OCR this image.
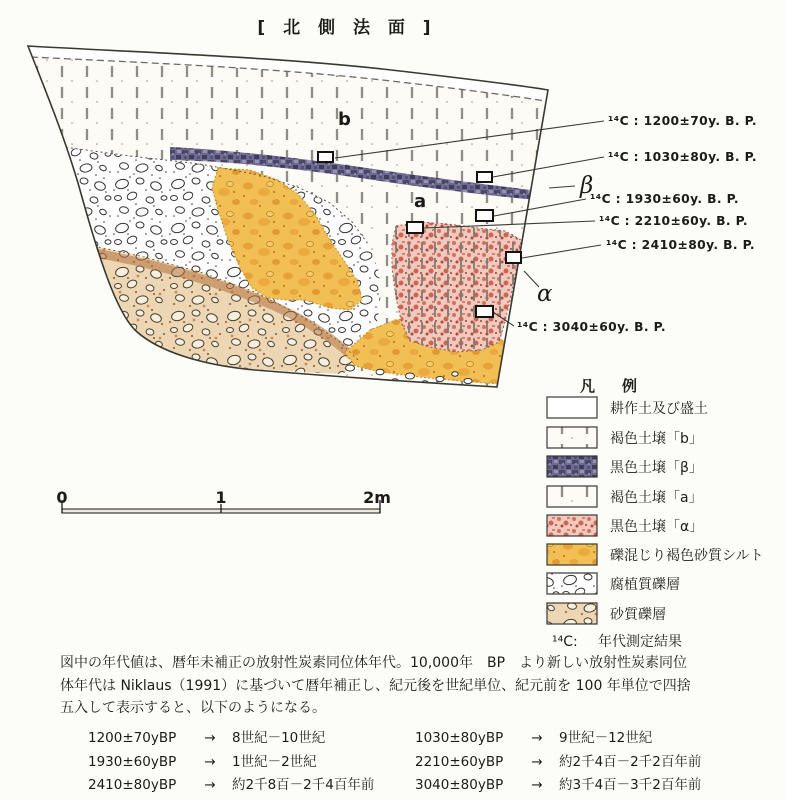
[ 北 側 法 面 ]
b
a
β
α
¹⁴C : 1200±70y. B. P.
¹⁴C : 1030±80y. B. P.
¹⁴C : 1930±60y. B. P.
¹⁴C : 2210±60y. B. P.
¹⁴C : 2410±80y. B. P.
¹⁴C : 3040±60y. B. P.
0	1	2m
凡　例
耕作土及び盛土
褐色土壌「b」
黒色土壌「β」
褐色土壌「a」
黒色土壌「α」
礫混じり褐色砂質シルト
腐植質礫層
砂質礫層
¹⁴C: 年代測定結果
図中の年代値は、暦年未補正の放射性炭素同位体年代。10,000年　BP　より新しい放射性炭素同位
体年代は Niklaus（1991）に基づいて暦年補正し、紀元後を世紀単位、紀元前を 100 年単位で四捨
五入して表示すると、以下のようになる。
1200±70yBP	→	8世紀－10世紀	1030±80yBP	→	9世紀－12世紀
1930±60yBP	→	1世紀－2世紀	2210±60yBP	→	約2千4百－2千2百年前
2410±80yBP	→	約2千8百－2千4百年前	3040±80yBP	→	約3千4百－3千2百年前
